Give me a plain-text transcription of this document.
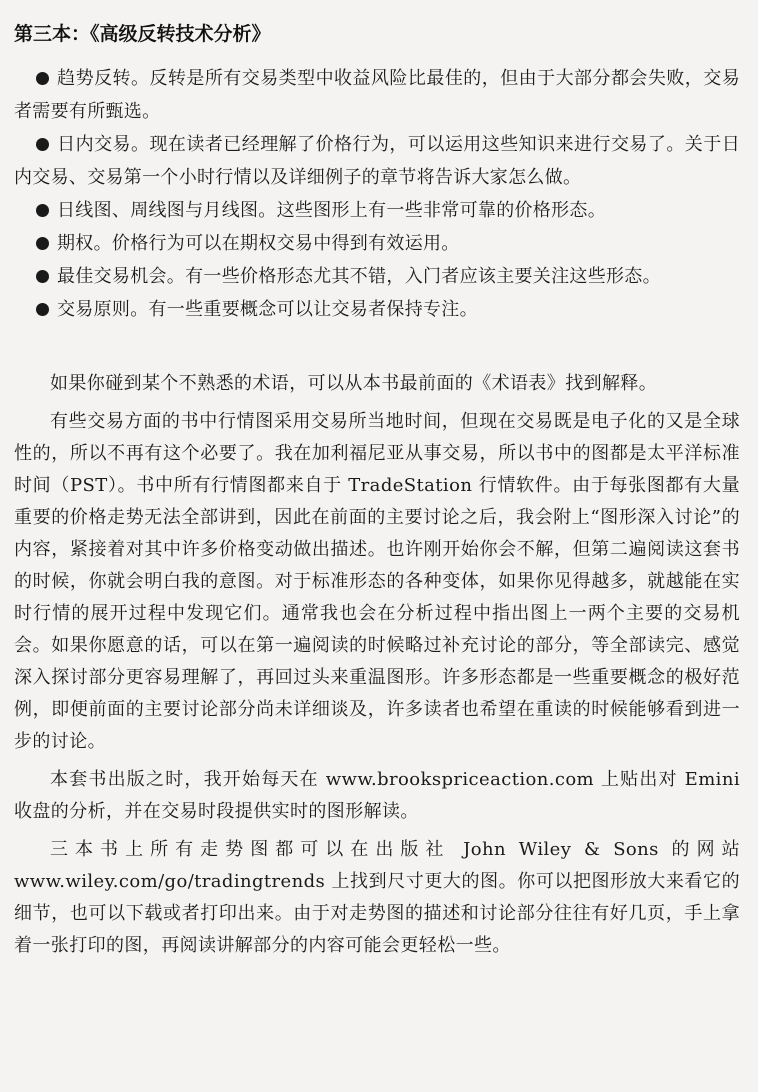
第三本：《高级反转技术分析》

趋势反转。反转是所有交易类型中收益风险比最佳的，但由于大部分都会失败，交易者需要有所甄选。

日内交易。现在读者已经理解了价格行为，可以运用这些知识来进行交易了。关于日内交易、交易第一个小时行情以及详细例子的章节将告诉大家怎么做。

日线图、周线图与月线图。这些图形上有一些非常可靠的价格形态。

期权。价格行为可以在期权交易中得到有效运用。

最佳交易机会。有一些价格形态尤其不错，入门者应该主要关注这些形态。

交易原则。有一些重要概念可以让交易者保持专注。

如果你碰到某个不熟悉的术语，可以从本书最前面的《术语表》找到解释。

有些交易方面的书中行情图采用交易所当地时间，但现在交易既是电子化的又是全球性的，所以不再有这个必要了。我在加利福尼亚从事交易，所以书中的图都是太平洋标准时间（PST）。书中所有行情图都来自于 TradeStation 行情软件。由于每张图都有大量重要的价格走势无法全部讲到，因此在前面的主要讨论之后，我会附上“图形深入讨论”的内容，紧接着对其中许多价格变动做出描述。也许刚开始你会不解，但第二遍阅读这套书的时候，你就会明白我的意图。对于标准形态的各种变体，如果你见得越多，就越能在实时行情的展开过程中发现它们。通常我也会在分析过程中指出图上一两个主要的交易机会。如果你愿意的话，可以在第一遍阅读的时候略过补充讨论的部分，等全部读完、感觉深入探讨部分更容易理解了，再回过头来重温图形。许多形态都是一些重要概念的极好范例，即便前面的主要讨论部分尚未详细谈及，许多读者也希望在重读的时候能够看到进一步的讨论。

本套书出版之时，我开始每天在 www.brookspriceaction.com 上贴出对 Emini 收盘的分析，并在交易时段提供实时的图形解读。

三本书上所有走势图都可以在出版社 John Wiley & Sons 的网站 www.wiley.com/go/tradingtrends 上找到尺寸更大的图。你可以把图形放大来看它的细节，也可以下载或者打印出来。由于对走势图的描述和讨论部分往往有好几页，手上拿着一张打印的图，再阅读讲解部分的内容可能会更轻松一些。
